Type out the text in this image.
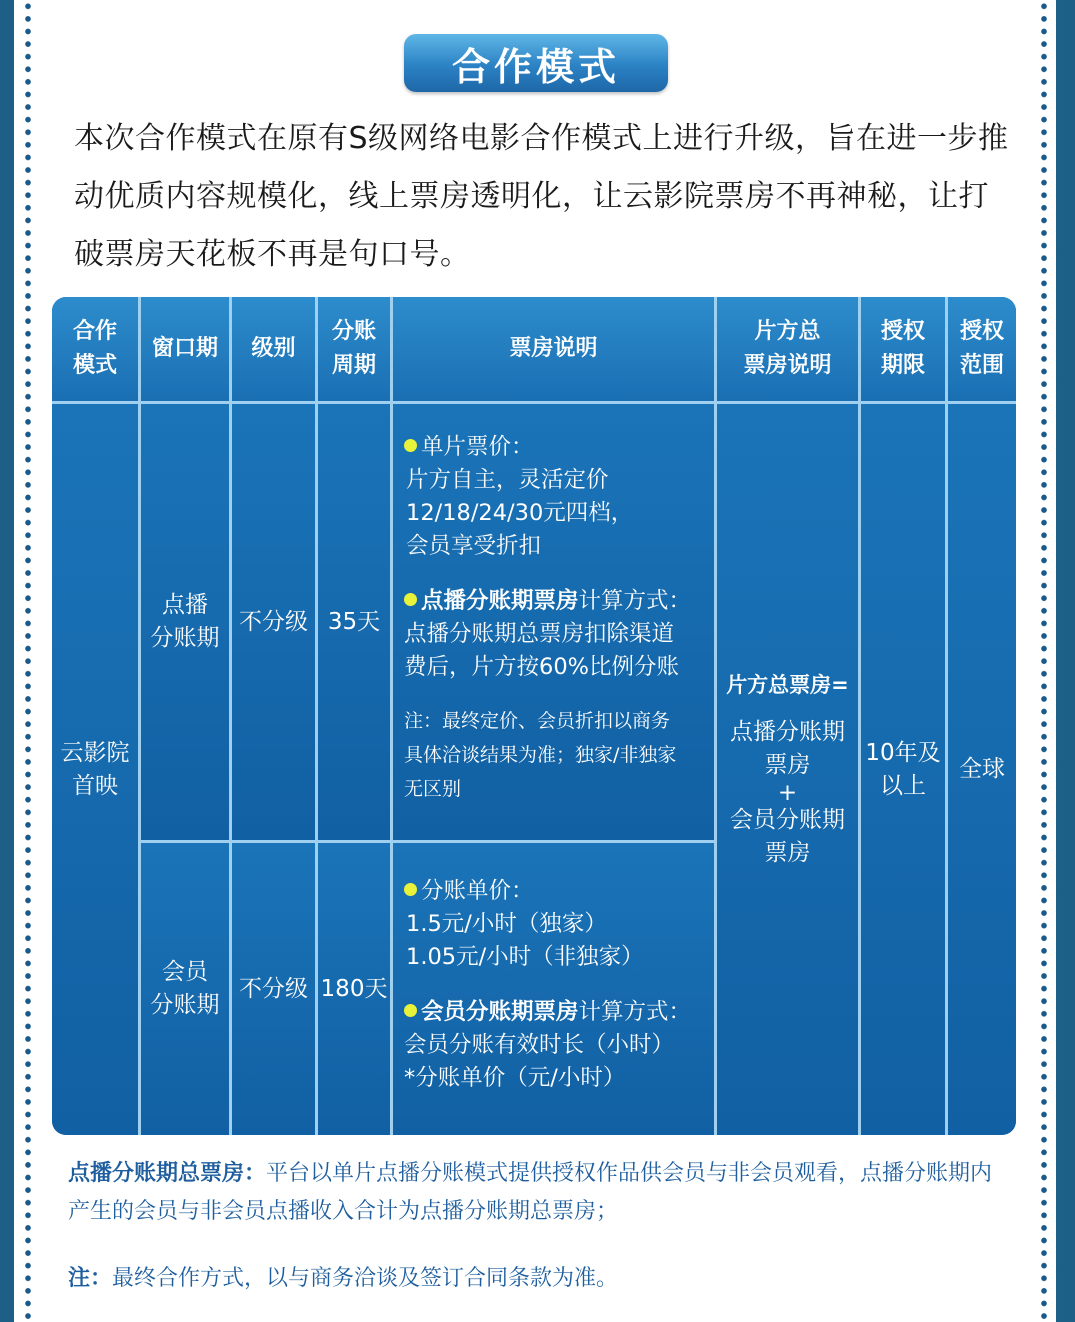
合作模式
本次合作模式在原有S级网络电影合作模式上进行升级，旨在进一步推动优质内容规模化，线上票房透明化，让云影院票房不再神秘，让打破票房天花板不再是句口号。
合作
模式
窗口期	级别
分账
周期
票房说明
片方总
票房说明
授权
期限
授权
范围
云影院
首映
点播
分账期
不分级 35天
会员
分账期
不分级 180天
片方总票房=
点播分账期
票房
+
会员分账期
票房
10年及
以上
全球
单片票价：
片方自主，灵活定价
12/18/24/30元四档，
会员享受折扣
点播分账期票房计算方式：
点播分账期总票房扣除渠道
费后，片方按60%比例分账
注：最终定价、会员折扣以商务
具体洽谈结果为准；独家/非独家
无区别
分账单价：
1.5元/小时（独家）
1.05元/小时（非独家）
会员分账期票房计算方式：
会员分账有效时长（小时）
*分账单价（元/小时）
点播分账期总票房：平台以单片点播分账模式提供授权作品供会员与非会员观看，点播分账期内产生的会员与非会员点播收入合计为点播分账期总票房；
注：最终合作方式，以与商务洽谈及签订合同条款为准。
